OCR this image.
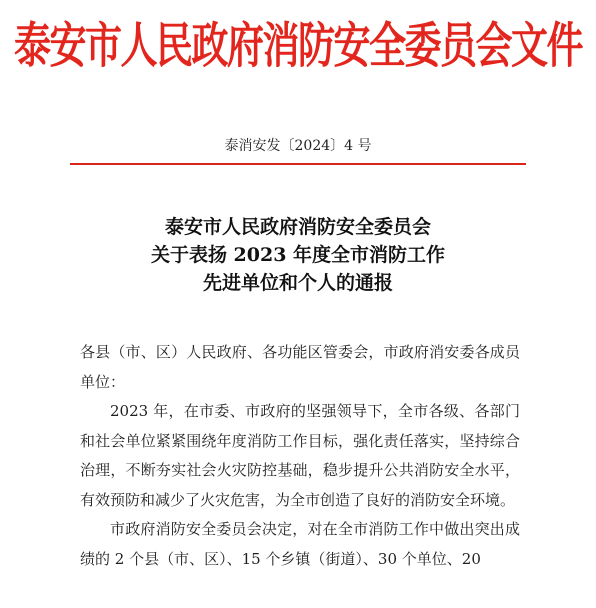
泰安市人民政府消防安全委员会文件
泰消安发〔2024〕4 号
泰安市人民政府消防安全委员会
关于表扬 2023 年度全市消防工作
先进单位和个人的通报

各县（市、区）人民政府、各功能区管委会，市政府消安委各成员单位：

2023 年，在市委、市政府的坚强领导下，全市各级、各部门和社会单位紧紧围绕年度消防工作目标，强化责任落实，坚持综合治理，不断夯实社会火灾防控基础，稳步提升公共消防安全水平，有效预防和减少了火灾危害，为全市创造了良好的消防安全环境。

市政府消防安全委员会决定，对在全市消防工作中做出突出成绩的 2 个县（市、区）、15 个乡镇（街道）、30 个单位、20
